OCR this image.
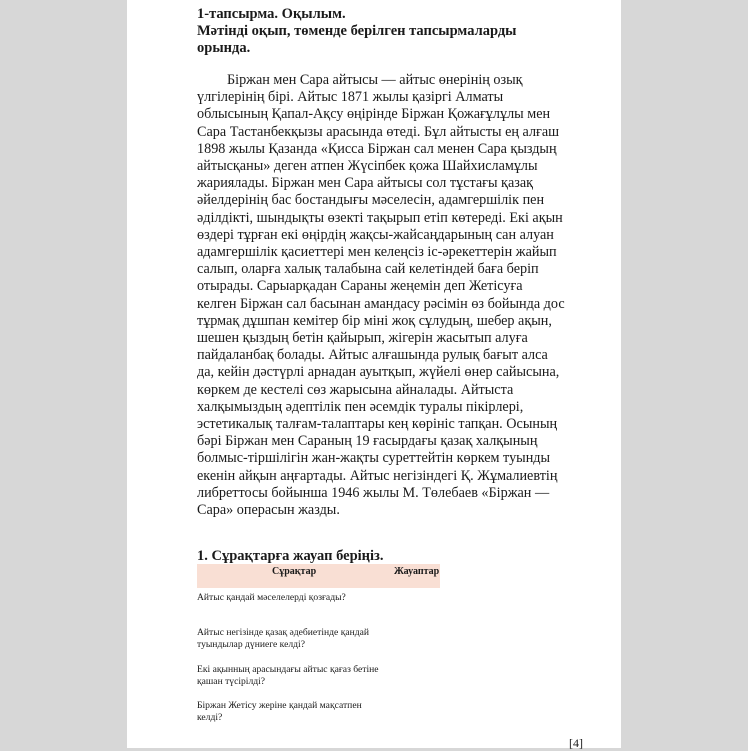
1-тапсырма. Оқылым.
Мәтінді оқып, төменде берілген тапсырмаларды
орында.
Біржан мен Сара айтысы — айтыс өнерінің озық
үлгілерінің бірі. Айтыс 1871 жылы қазіргі Алматы
облысының Қапал-Ақсу өңірінде Біржан Қожағұлұлы мен
Сара Тастанбекқызы арасында өтеді. Бұл айтысты ең алғаш
1898 жылы Қазанда «Қисса Біржан сал менен Сара қыздың
айтысқаны» деген атпен Жүсіпбек қожа Шайхисламұлы
жариялады. Біржан мен Сара айтысы сол тұстағы қазақ
әйелдерінің бас бостандығы мәселесін, адамгершілік пен
әділдікті, шындықты өзекті тақырып етіп көтереді. Екі ақын
өздері тұрған екі өңірдің жақсы-жайсаңдарының сан алуан
адамгершілік қасиеттері мен келеңсіз іс-әрекеттерін жайып
салып, оларға халық талабына сай келетіндей баға беріп
отырады. Сарыарқадан Сараны жеңемін деп Жетісуға
келген Біржан сал басынан амандасу рәсімін өз бойында дос
тұрмақ дұшпан кемітер бір міні жоқ сұлудың, шебер ақын,
шешен қыздың бетін қайырып, жігерін жасытып алуға
пайдаланбақ болады. Айтыс алғашында рулық бағыт алса
да, кейін дәстүрлі арнадан ауытқып, жүйелі өнер сайысына,
көркем де кестелі сөз жарысына айналады. Айтыста
халқымыздың әдептілік пен әсемдік туралы пікірлері,
эстетикалық талғам-талаптары кең көрініс тапқан. Осының
бәрі Біржан мен Сараның 19 ғасырдағы қазақ халқының
болмыс-тіршілігін жан-жақты суреттейтін көркем туынды
екенін айқын аңғартады. Айтыс негізіндегі Қ. Жұмалиевтің
либреттосы бойынша 1946 жылы М. Төлебаев «Біржан —
Сара» операсын жазды.
1. Сұрақтарға жауап беріңіз.
Сұрақтар	Жауаптар
Айтыс қандай мәселелерді қозғады?
Айтыс негізінде қазақ әдебиетінде қандай
туындылар дүниеге келді?
Екі ақынның арасындағы айтыс қағаз бетіне
қашан түсірілді?
Біржан Жетісу жеріне қандай мақсатпен
келді?
[4]
